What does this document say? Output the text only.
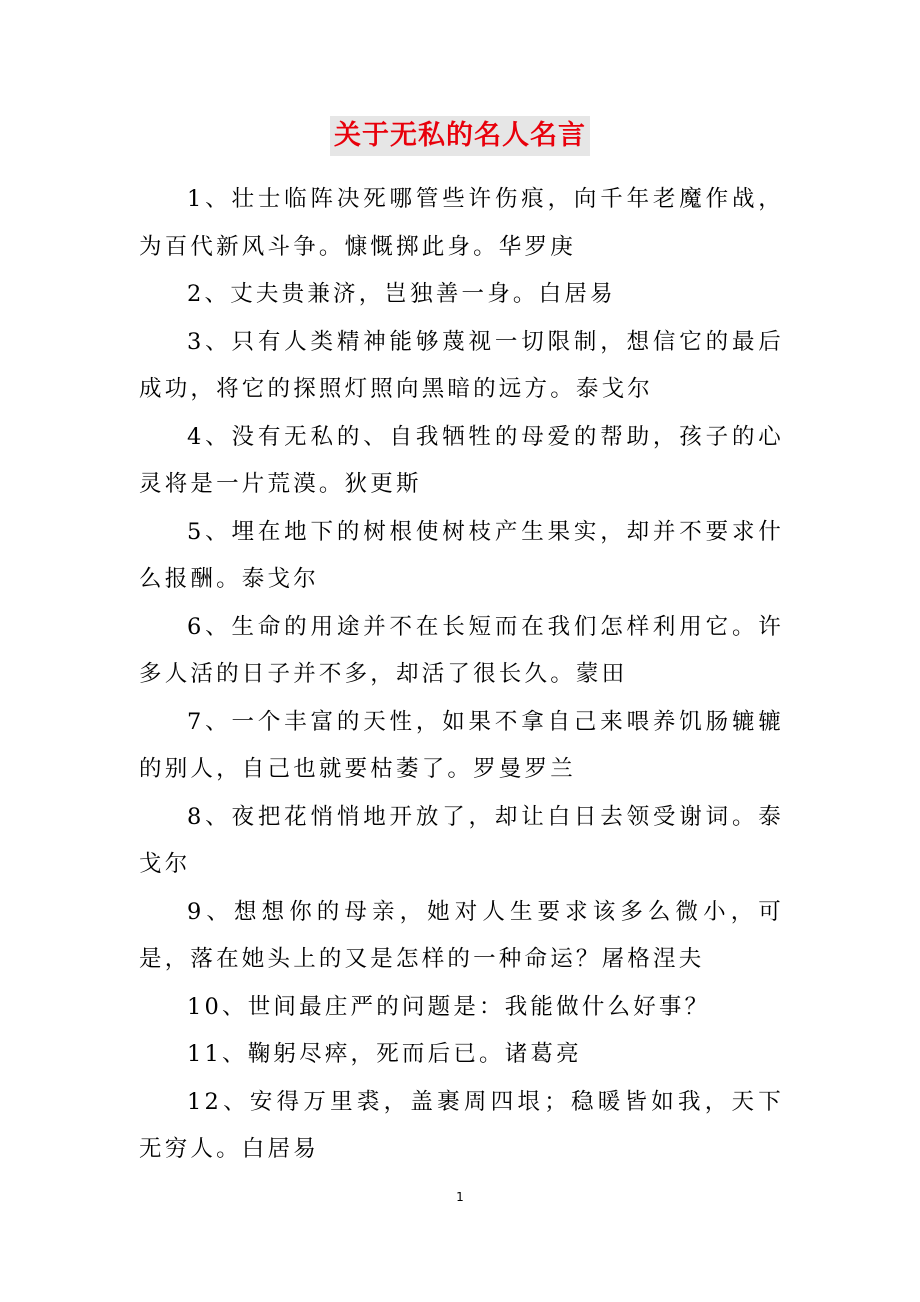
关于无私的名人名言

1、壮士临阵决死哪管些许伤痕，向千年老魔作战，为百代新风斗争。慷慨掷此身。华罗庚

2、丈夫贵兼济，岂独善一身。白居易

3、只有人类精神能够蔑视一切限制，想信它的最后成功，将它的探照灯照向黑暗的远方。泰戈尔

4、没有无私的、自我牺牲的母爱的帮助，孩子的心灵将是一片荒漠。狄更斯

5、埋在地下的树根使树枝产生果实，却并不要求什么报酬。泰戈尔

6、生命的用途并不在长短而在我们怎样利用它。许多人活的日子并不多，却活了很长久。蒙田

7、一个丰富的天性，如果不拿自己来喂养饥肠辘辘的别人，自己也就要枯萎了。罗曼罗兰

8、夜把花悄悄地开放了，却让白日去领受谢词。泰戈尔

9、想想你的母亲，她对人生要求该多么微小，可是，落在她头上的又是怎样的一种命运？屠格涅夫

10、世间最庄严的问题是：我能做什么好事？

11、鞠躬尽瘁，死而后已。诸葛亮

12、安得万里裘，盖裹周四垠；稳暖皆如我，天下无穷人。白居易

1
